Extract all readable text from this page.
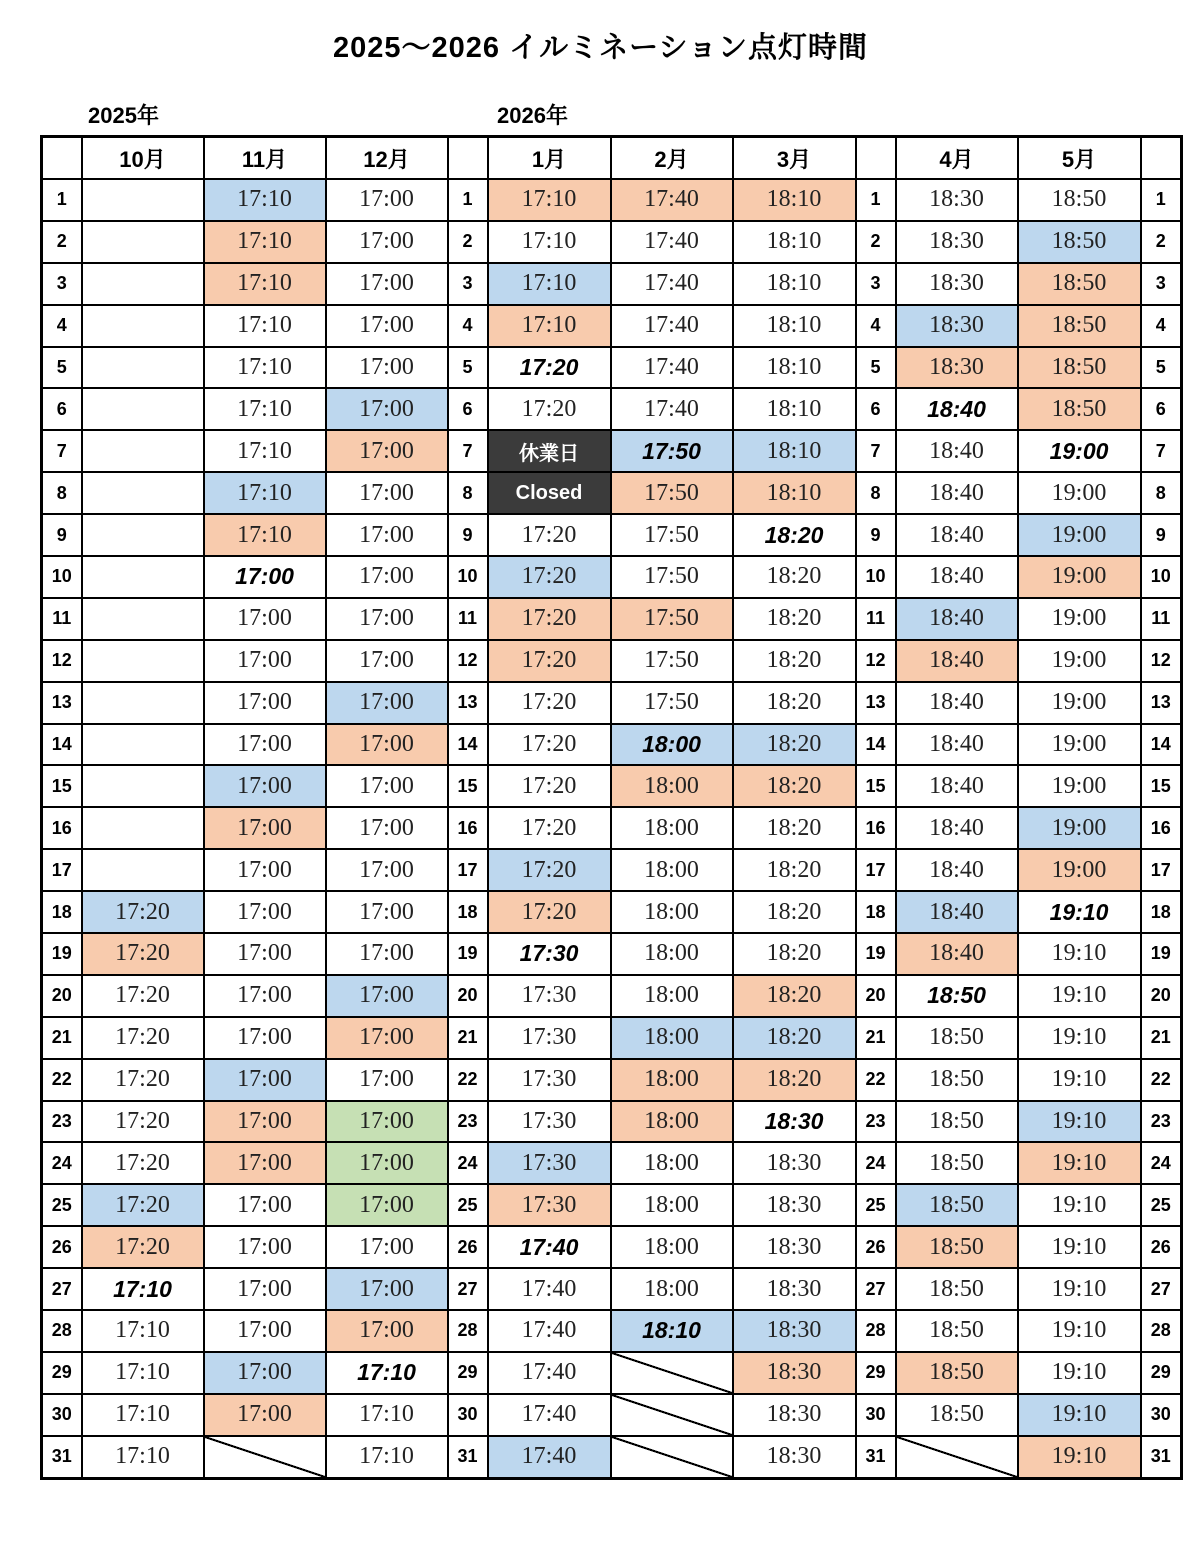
2025〜2026 イルミネーション点灯時間
2025年	2026年
	10月	11月	12月		1月	2月	3月		4月	5月	
1		17:10	17:00	1	17:10	17:40	18:10	1	18:30	18:50	1
2		17:10	17:00	2	17:10	17:40	18:10	2	18:30	18:50	2
3		17:10	17:00	3	17:10	17:40	18:10	3	18:30	18:50	3
4		17:10	17:00	4	17:10	17:40	18:10	4	18:30	18:50	4
5		17:10	17:00	5	17:20	17:40	18:10	5	18:30	18:50	5
6		17:10	17:00	6	17:20	17:40	18:10	6	18:40	18:50	6
7		17:10	17:00	7	休業日	17:50	18:10	7	18:40	19:00	7
8		17:10	17:00	8	Closed	17:50	18:10	8	18:40	19:00	8
9		17:10	17:00	9	17:20	17:50	18:20	9	18:40	19:00	9
10		17:00	17:00	10	17:20	17:50	18:20	10	18:40	19:00	10
11		17:00	17:00	11	17:20	17:50	18:20	11	18:40	19:00	11
12		17:00	17:00	12	17:20	17:50	18:20	12	18:40	19:00	12
13		17:00	17:00	13	17:20	17:50	18:20	13	18:40	19:00	13
14		17:00	17:00	14	17:20	18:00	18:20	14	18:40	19:00	14
15		17:00	17:00	15	17:20	18:00	18:20	15	18:40	19:00	15
16		17:00	17:00	16	17:20	18:00	18:20	16	18:40	19:00	16
17		17:00	17:00	17	17:20	18:00	18:20	17	18:40	19:00	17
18	17:20	17:00	17:00	18	17:20	18:00	18:20	18	18:40	19:10	18
19	17:20	17:00	17:00	19	17:30	18:00	18:20	19	18:40	19:10	19
20	17:20	17:00	17:00	20	17:30	18:00	18:20	20	18:50	19:10	20
21	17:20	17:00	17:00	21	17:30	18:00	18:20	21	18:50	19:10	21
22	17:20	17:00	17:00	22	17:30	18:00	18:20	22	18:50	19:10	22
23	17:20	17:00	17:00	23	17:30	18:00	18:30	23	18:50	19:10	23
24	17:20	17:00	17:00	24	17:30	18:00	18:30	24	18:50	19:10	24
25	17:20	17:00	17:00	25	17:30	18:00	18:30	25	18:50	19:10	25
26	17:20	17:00	17:00	26	17:40	18:00	18:30	26	18:50	19:10	26
27	17:10	17:00	17:00	27	17:40	18:00	18:30	27	18:50	19:10	27
28	17:10	17:00	17:00	28	17:40	18:10	18:30	28	18:50	19:10	28
29	17:10	17:00	17:10	29	17:40		18:30	29	18:50	19:10	29
30	17:10	17:00	17:10	30	17:40		18:30	30	18:50	19:10	30
31	17:10		17:10	31	17:40		18:30	31		19:10	31
